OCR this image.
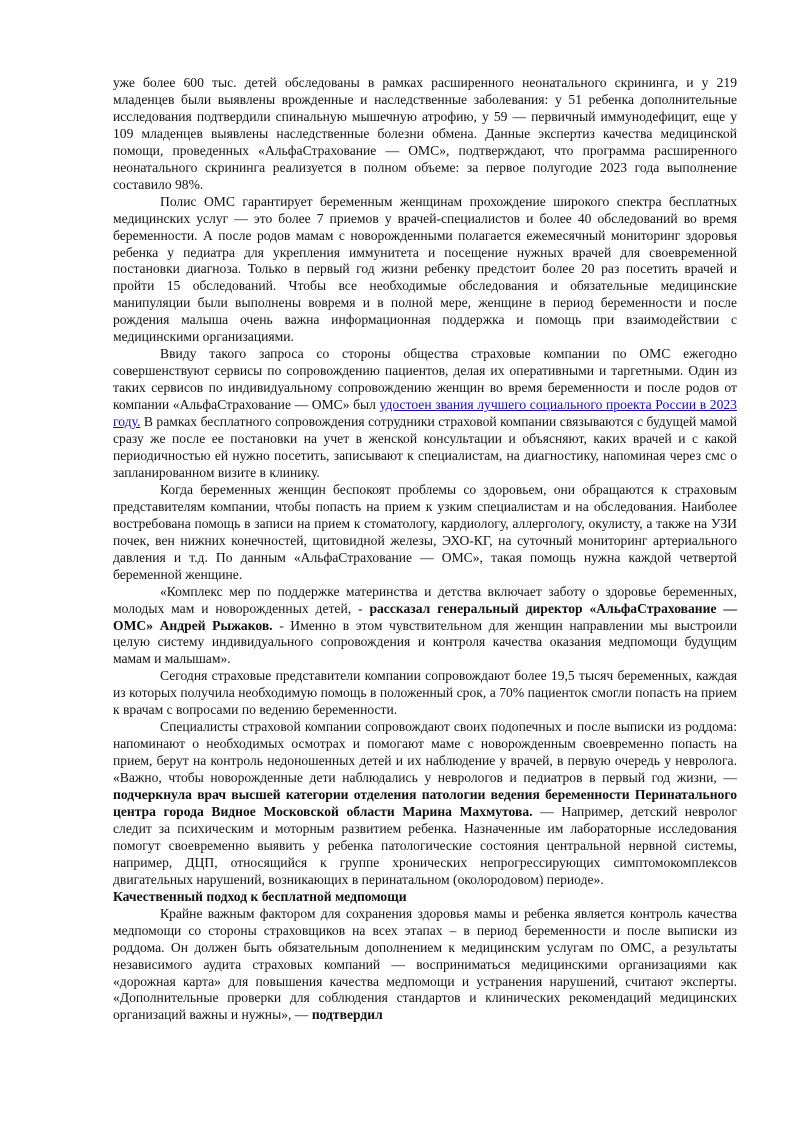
уже более 600 тыс. детей обследованы в рамках расширенного неонатального скрининга, и у 219 младенцев были выявлены врожденные и наследственные заболевания: у 51 ребенка дополнительные исследования подтвердили спинальную мышечную атрофию, у 59 — первичный иммунодефицит, еще у 109 младенцев выявлены наследственные болезни обмена. Данные экспертиз качества медицинской помощи, проведенных «АльфаСтрахование — ОМС», подтверждают, что программа расширенного неонатального скрининга реализуется в полном объеме: за первое полугодие 2023 года выполнение составило 98%.

Полис ОМС гарантирует беременным женщинам прохождение широкого спектра бесплатных медицинских услуг — это более 7 приемов у врачей-специалистов и более 40 обследований во время беременности. А после родов мамам с новорожденными полагается ежемесячный мониторинг здоровья ребенка у педиатра для укрепления иммунитета и посещение нужных врачей для своевременной постановки диагноза. Только в первый год жизни ребенку предстоит более 20 раз посетить врачей и пройти 15 обследований. Чтобы все необходимые обследования и обязательные медицинские манипуляции были выполнены вовремя и в полной мере, женщине в период беременности и после рождения малыша очень важна информационная поддержка и помощь при взаимодействии с медицинскими организациями.

Ввиду такого запроса со стороны общества страховые компании по ОМС ежегодно совершенствуют сервисы по сопровождению пациентов, делая их оперативными и таргетными. Один из таких сервисов по индивидуальному сопровождению женщин во время беременности и после родов от компании «АльфаСтрахование — ОМС» был удостоен звания лучшего социального проекта России в 2023 году. В рамках бесплатного сопровождения сотрудники страховой компании связываются с будущей мамой сразу же после ее постановки на учет в женской консультации и объясняют, каких врачей и с какой периодичностью ей нужно посетить, записывают к специалистам, на диагностику, напоминая через смс о запланированном визите в клинику.

Когда беременных женщин беспокоят проблемы со здоровьем, они обращаются к страховым представителям компании, чтобы попасть на прием к узким специалистам и на обследования. Наиболее востребована помощь в записи на прием к стоматологу, кардиологу, аллергологу, окулисту, а также на УЗИ почек, вен нижних конечностей, щитовидной железы, ЭХО-КГ, на суточный мониторинг артериального давления и т.д. По данным «АльфаСтрахование — ОМС», такая помощь нужна каждой четвертой беременной женщине.

«Комплекс мер по поддержке материнства и детства включает заботу о здоровье беременных, молодых мам и новорожденных детей, - рассказал генеральный директор «АльфаСтрахование — ОМС» Андрей Рыжаков. - Именно в этом чувствительном для женщин направлении мы выстроили целую систему индивидуального сопровождения и контроля качества оказания медпомощи будущим мамам и малышам».

Сегодня страховые представители компании сопровождают более 19,5 тысяч беременных, каждая из которых получила необходимую помощь в положенный срок, а 70% пациенток смогли попасть на прием к врачам с вопросами по ведению беременности.

Специалисты страховой компании сопровождают своих подопечных и после выписки из роддома: напоминают о необходимых осмотрах и помогают маме с новорожденным своевременно попасть на прием, берут на контроль недоношенных детей и их наблюдение у врачей, в первую очередь у невролога. «Важно, чтобы новорожденные дети наблюдались у неврологов и педиатров в первый год жизни, — подчеркнула врач высшей категории отделения патологии ведения беременности Перинатального центра города Видное Московской области Марина Махмутова. — Например, детский невролог следит за психическим и моторным развитием ребенка. Назначенные им лабораторные исследования помогут своевременно выявить у ребенка патологические состояния центральной нервной системы, например, ДЦП, относящийся к группе хронических непрогрессирующих симптомокомплексов двигательных нарушений, возникающих в перинатальном (околородовом) периоде».

Качественный подход к бесплатной медпомощи

Крайне важным фактором для сохранения здоровья мамы и ребенка является контроль качества медпомощи со стороны страховщиков на всех этапах – в период беременности и после выписки из роддома. Он должен быть обязательным дополнением к медицинским услугам по ОМС, а результаты независимого аудита страховых компаний — восприниматься медицинскими организациями как «дорожная карта» для повышения качества медпомощи и устранения нарушений, считают эксперты. «Дополнительные проверки для соблюдения стандартов и клинических рекомендаций медицинских организаций важны и нужны», — подтвердил
